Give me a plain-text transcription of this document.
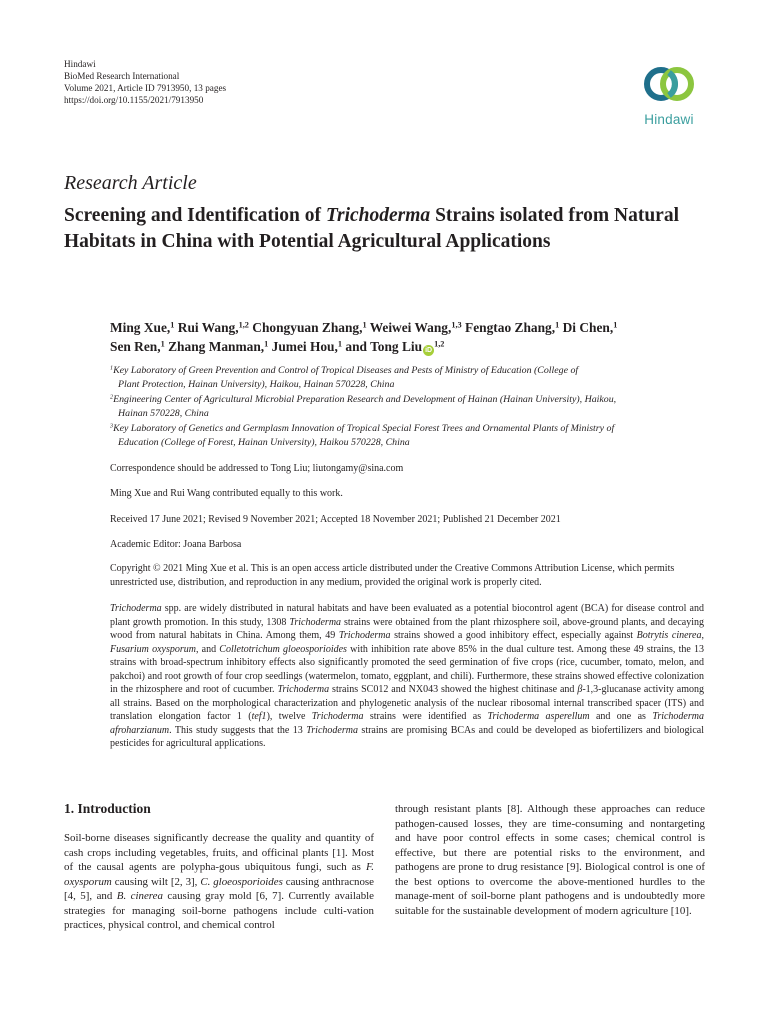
Hindawi
BioMed Research International
Volume 2021, Article ID 7913950, 13 pages
https://doi.org/10.1155/2021/7913950
Hindawi
Research Article
Screening and Identification of Trichoderma Strains isolated from Natural Habitats in China with Potential Agricultural Applications
Ming Xue,$^1$ Rui Wang,$^{1,2}$ Chongyuan Zhang,$^1$ Weiwei Wang,$^{1,3}$ Fengtao Zhang,$^1$ Di Chen,$^1$
Sen Ren,$^1$ Zhang Manman,$^1$ Jumei Hou,$^1$ and Tong Liu iD$^{1,2}$

$^1$Key Laboratory of Green Prevention and Control of Tropical Diseases and Pests of Ministry of Education (College of
Plant Protection, Hainan University), Haikou, Hainan 570228, China

$^2$Engineering Center of Agricultural Microbial Preparation Research and Development of Hainan (Hainan University), Haikou,
Hainan 570228, China

$^3$Key Laboratory of Genetics and Germplasm Innovation of Tropical Special Forest Trees and Ornamental Plants of Ministry of
Education (College of Forest, Hainan University), Haikou 570228, China

Correspondence should be addressed to Tong Liu; liutongamy@sina.com
Ming Xue and Rui Wang contributed equally to this work.
Received 17 June 2021; Revised 9 November 2021; Accepted 18 November 2021; Published 21 December 2021
Academic Editor: Joana Barbosa
Copyright © 2021 Ming Xue et al. This is an open access article distributed under the Creative Commons Attribution License, which permits unrestricted use, distribution, and reproduction in any medium, provided the original work is properly cited.
Trichoderma spp. are widely distributed in natural habitats and have been evaluated as a potential biocontrol agent (BCA) for disease control and plant growth promotion. In this study, 1308 Trichoderma strains were obtained from the plant rhizosphere soil, above-ground plants, and decaying wood from natural habitats in China. Among them, 49 Trichoderma strains showed a good inhibitory effect, especially against Botrytis cinerea, Fusarium oxysporum, and Colletotrichum gloeosporioides with inhibition rate above 85% in the dual culture test. Among these 49 strains, the 13 strains with broad-spectrum inhibitory effects also significantly promoted the seed germination of five crops (rice, cucumber, tomato, melon, and pakchoi) and root growth of four crop seedlings (watermelon, tomato, eggplant, and chili). Furthermore, these strains showed effective colonization in the rhizosphere and root of cucumber. Trichoderma strains SC012 and NX043 showed the highest chitinase and β-1,3-glucanase activity among all strains. Based on the morphological characterization and phylogenetic analysis of the nuclear ribosomal internal transcribed spacer (ITS) and translation elongation factor 1 (tef1), twelve Trichoderma strains were identified as Trichoderma asperellum and one as Trichoderma afroharzianum. This study suggests that the 13 Trichoderma strains are promising BCAs and could be developed as biofertilizers and biological pesticides for agricultural applications.
1. Introduction

Soil-borne diseases significantly decrease the quality and quantity of cash crops including vegetables, fruits, and officinal plants [1]. Most of the causal agents are polypha-gous ubiquitous fungi, such as F. oxysporum causing wilt [2, 3], C. gloeosporioides causing anthracnose [4, 5], and B. cinerea causing gray mold [6, 7]. Currently available strategies for managing soil-borne pathogens include culti-vation practices, physical control, and chemical control

through resistant plants [8]. Although these approaches can reduce pathogen-caused losses, they are time-consuming and nontargeting and have poor control effects in some cases; chemical control is effective, but there are potential risks to the environment, and pathogens are prone to drug resistance [9]. Biological control is one of the best options to overcome the above-mentioned hurdles to the manage-ment of soil-borne plant pathogens and is undoubtedly more suitable for the sustainable development of modern agriculture [10].
